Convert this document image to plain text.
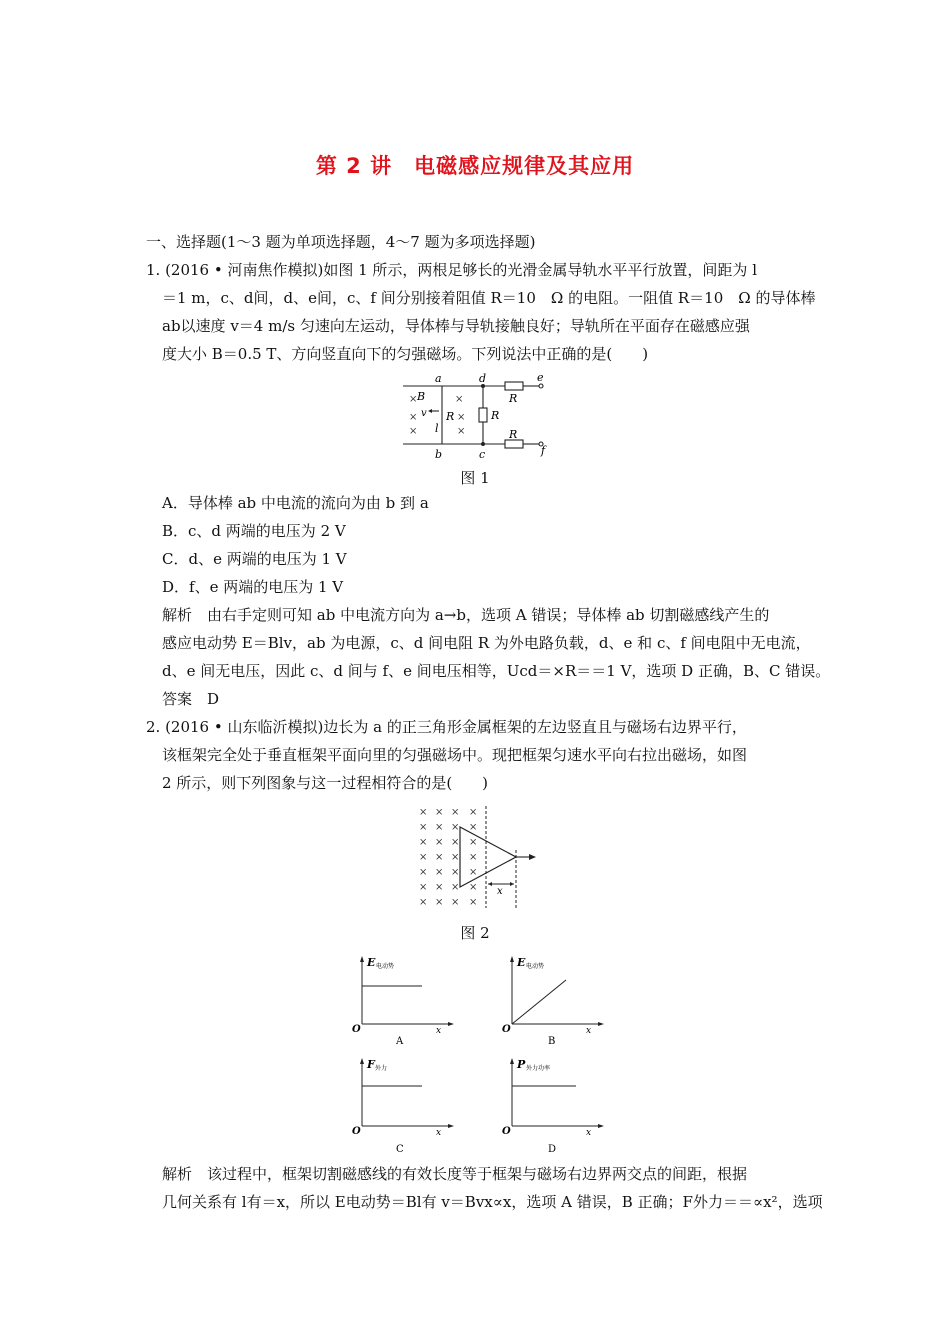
第 2 讲　电磁感应规律及其应用
一、选择题(1～3 题为单项选择题，4～7 题为多项选择题)
1. (2016 • 河南焦作模拟)如图 1 所示，两根足够长的光滑金属导轨水平平行放置，间距为 l
＝1 m，c、d间，d、e间，c、f 间分别接着阻值 R＝10　Ω 的电阻。一阻值 R＝10　Ω 的导体棒
ab以速度 v＝4 m/s 匀速向左运动，导体棒与导轨接触良好；导轨所在平面存在磁感应强
度大小 B＝0.5 T、方向竖直向下的匀强磁场。下列说法中正确的是(　　)
a	d	e
b	c	f
B
v
l
R	R
R
R
×
×
×
×
×
×
图 1
A．导体棒 ab 中电流的流向为由 b 到 a
B．c、d 两端的电压为 2 V
C．d、e 两端的电压为 1 V
D．f、e 两端的电压为 1 V
解析　由右手定则可知 ab 中电流方向为 a→b，选项 A 错误；导体棒 ab 切割磁感线产生的
感应电动势 E＝Blv，ab 为电源，c、d 间电阻 R 为外电路负载，d、e 和 c、f 间电阻中无电流，
d、e 间无电压，因此 c、d 间与 f、e 间电压相等，Ucd＝×R＝＝1 V，选项 D 正确，B、C 错误。
答案　D
2. (2016 • 山东临沂模拟)边长为 a 的正三角形金属框架的左边竖直且与磁场右边界平行，
该框架完全处于垂直框架平面向里的匀强磁场中。现把框架匀速水平向右拉出磁场，如图
2 所示，则下列图象与这一过程相符合的是(　　)
× × × ×
× × × ×
× × × ×
× × × ×
× × × ×
× × × ×
× × × ×
x
图 2
E 电动势
O	x
A
E 电动势
O	x
B
F 外力
O	x
C
P 外力功率
O	x
D
解析　该过程中，框架切割磁感线的有效长度等于框架与磁场右边界两交点的间距，根据
几何关系有 l有＝x，所以 E电动势＝Bl有 v＝Bvx∝x，选项 A 错误，B 正确；F外力＝＝∝x²，选项
